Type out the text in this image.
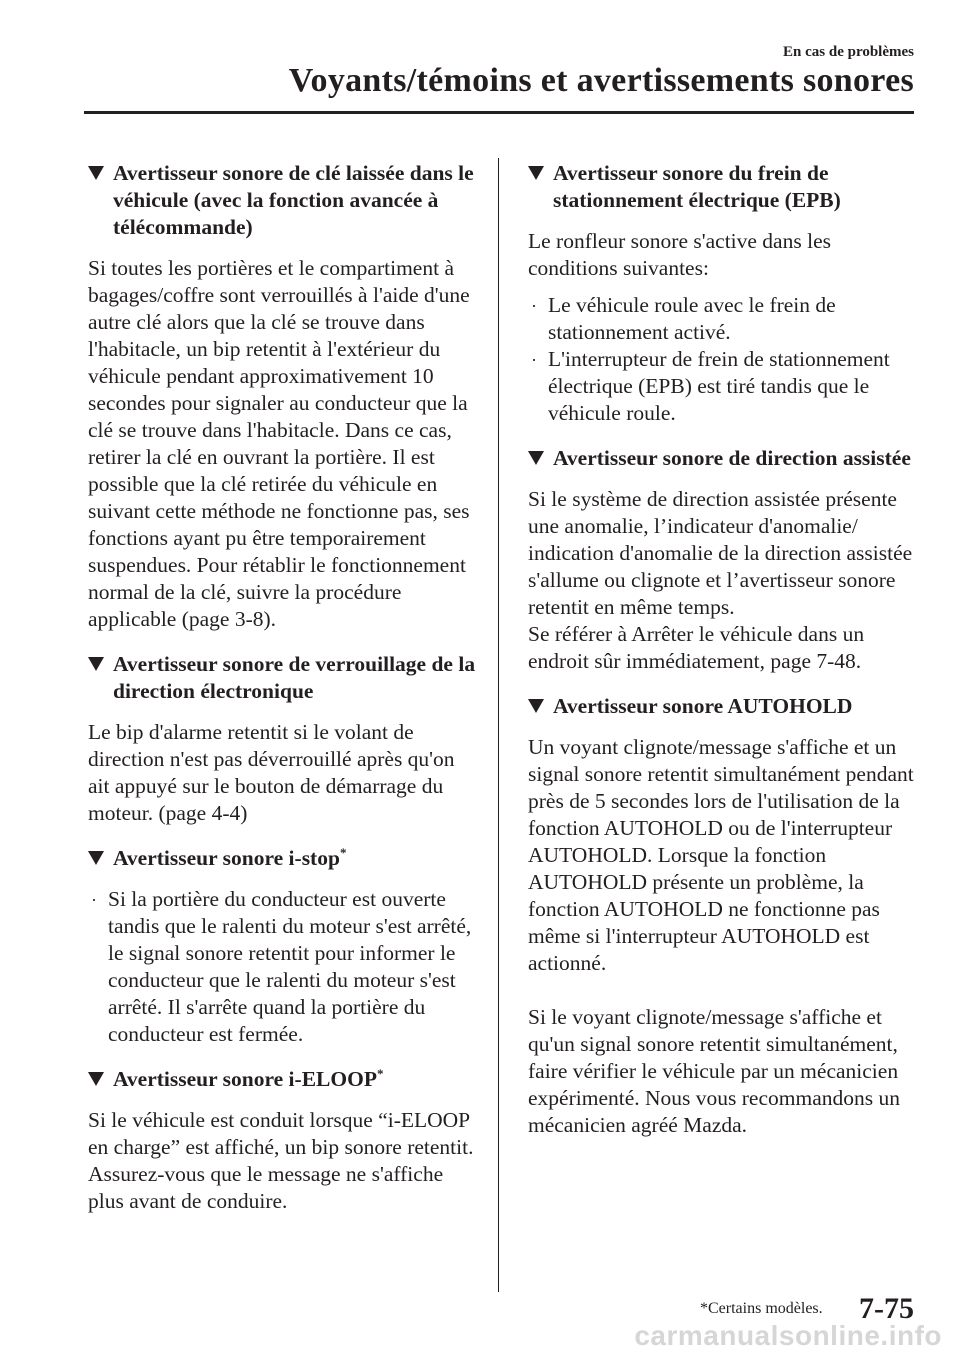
En cas de problèmes
Voyants/témoins et avertissements sonores
Avertisseur sonore de clé laissée dans le véhicule (avec la fonction avancée à télécommande)

Si toutes les portières et le compartiment à bagages/coffre sont verrouillés à l'aide d'une autre clé alors que la clé se trouve dans l'habitacle, un bip retentit à l'extérieur du véhicule pendant approximativement 10 secondes pour signaler au conducteur que la clé se trouve dans l'habitacle. Dans ce cas, retirer la clé en ouvrant la portière. Il est possible que la clé retirée du véhicule en suivant cette méthode ne fonctionne pas, ses fonctions ayant pu être temporairement suspendues. Pour rétablir le fonctionnement normal de la clé, suivre la procédure applicable (page 3-8).

Avertisseur sonore de verrouillage de la direction électronique

Le bip d'alarme retentit si le volant de direction n'est pas déverrouillé après qu'on ait appuyé sur le bouton de démarrage du moteur. (page 4-4)

Avertisseur sonore i-stop*
· Si la portière du conducteur est ouverte tandis que le ralenti du moteur s'est arrêté, le signal sonore retentit pour informer le conducteur que le ralenti du moteur s'est arrêté. Il s'arrête quand la portière du conducteur est fermée.
Avertisseur sonore i-ELOOP*

Si le véhicule est conduit lorsque “i-ELOOP en charge” est affiché, un bip sonore retentit. Assurez-vous que le message ne s'affiche plus avant de conduire.

Avertisseur sonore du frein de stationnement électrique (EPB)

Le ronfleur sonore s'active dans les conditions suivantes:

· Le véhicule roule avec le frein de stationnement activé.
· L'interrupteur de frein de stationnement électrique (EPB) est tiré tandis que le véhicule roule.
Avertisseur sonore de direction assistée

Si le système de direction assistée présente une anomalie, l’indicateur d'anomalie/ indication d'anomalie de la direction assistée s'allume ou clignote et l’avertisseur sonore retentit en même temps.
Se référer à Arrêter le véhicule dans un endroit sûr immédiatement, page 7-48.

Avertisseur sonore AUTOHOLD

Un voyant clignote/message s'affiche et un signal sonore retentit simultanément pendant près de 5 secondes lors de l'utilisation de la fonction AUTOHOLD ou de l'interrupteur AUTOHOLD. Lorsque la fonction AUTOHOLD présente un problème, la fonction AUTOHOLD ne fonctionne pas même si l'interrupteur AUTOHOLD est actionné.

Si le voyant clignote/message s'affiche et qu'un signal sonore retentit simultanément, faire vérifier le véhicule par un mécanicien expérimenté. Nous vous recommandons un mécanicien agréé Mazda.

*Certains modèles. 7-75
carmanualsonline.info
